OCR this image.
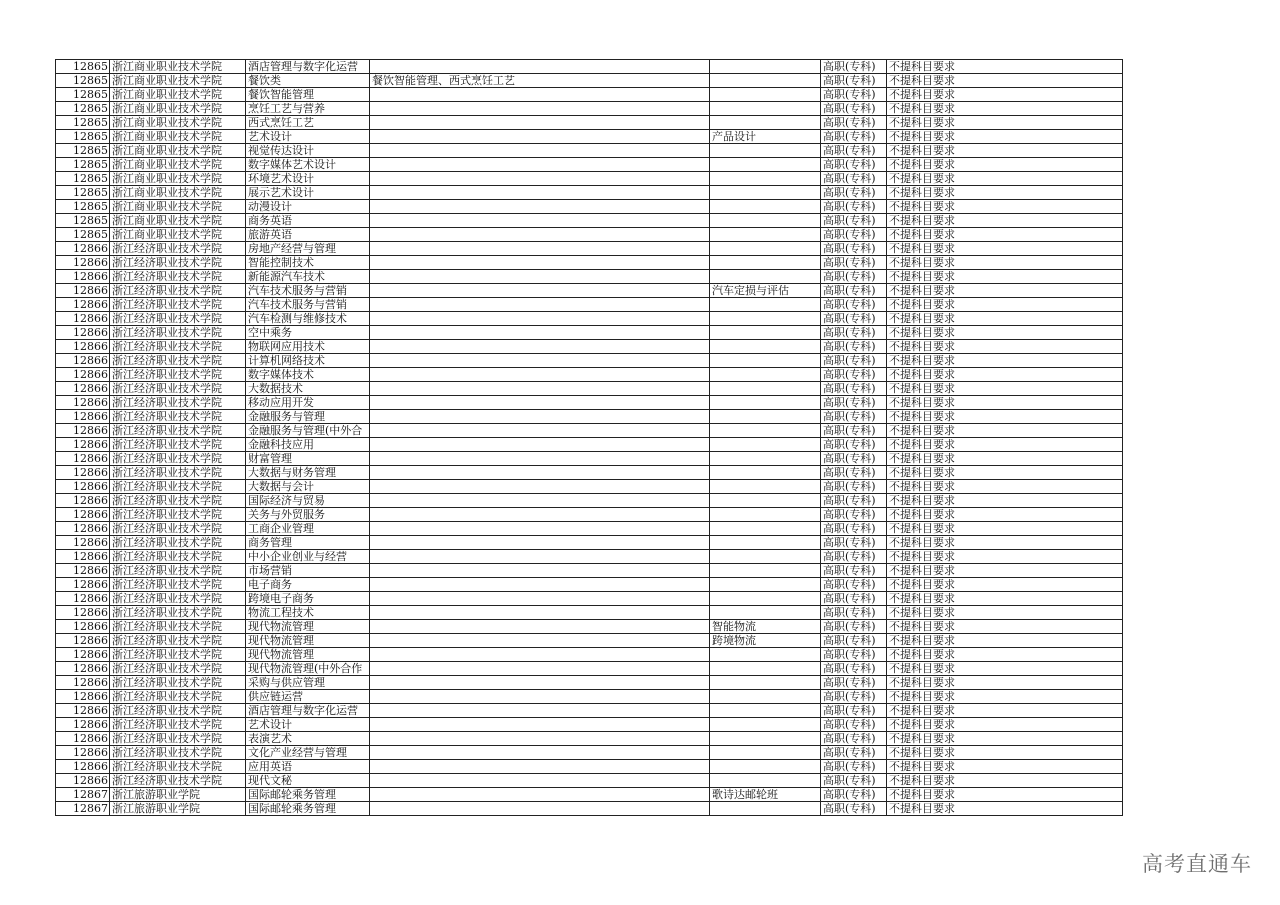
12865	浙江商业职业技术学院	酒店管理与数字化运营			高职(专科)	不提科目要求
12865	浙江商业职业技术学院	餐饮类	餐饮智能管理、西式烹饪工艺		高职(专科)	不提科目要求
12865	浙江商业职业技术学院	餐饮智能管理			高职(专科)	不提科目要求
12865	浙江商业职业技术学院	烹饪工艺与营养			高职(专科)	不提科目要求
12865	浙江商业职业技术学院	西式烹饪工艺			高职(专科)	不提科目要求
12865	浙江商业职业技术学院	艺术设计		产品设计	高职(专科)	不提科目要求
12865	浙江商业职业技术学院	视觉传达设计			高职(专科)	不提科目要求
12865	浙江商业职业技术学院	数字媒体艺术设计			高职(专科)	不提科目要求
12865	浙江商业职业技术学院	环境艺术设计			高职(专科)	不提科目要求
12865	浙江商业职业技术学院	展示艺术设计			高职(专科)	不提科目要求
12865	浙江商业职业技术学院	动漫设计			高职(专科)	不提科目要求
12865	浙江商业职业技术学院	商务英语			高职(专科)	不提科目要求
12865	浙江商业职业技术学院	旅游英语			高职(专科)	不提科目要求
12866	浙江经济职业技术学院	房地产经营与管理			高职(专科)	不提科目要求
12866	浙江经济职业技术学院	智能控制技术			高职(专科)	不提科目要求
12866	浙江经济职业技术学院	新能源汽车技术			高职(专科)	不提科目要求
12866	浙江经济职业技术学院	汽车技术服务与营销		汽车定损与评估	高职(专科)	不提科目要求
12866	浙江经济职业技术学院	汽车技术服务与营销			高职(专科)	不提科目要求
12866	浙江经济职业技术学院	汽车检测与维修技术			高职(专科)	不提科目要求
12866	浙江经济职业技术学院	空中乘务			高职(专科)	不提科目要求
12866	浙江经济职业技术学院	物联网应用技术			高职(专科)	不提科目要求
12866	浙江经济职业技术学院	计算机网络技术			高职(专科)	不提科目要求
12866	浙江经济职业技术学院	数字媒体技术			高职(专科)	不提科目要求
12866	浙江经济职业技术学院	大数据技术			高职(专科)	不提科目要求
12866	浙江经济职业技术学院	移动应用开发			高职(专科)	不提科目要求
12866	浙江经济职业技术学院	金融服务与管理			高职(专科)	不提科目要求
12866	浙江经济职业技术学院	金融服务与管理(中外合			高职(专科)	不提科目要求
12866	浙江经济职业技术学院	金融科技应用			高职(专科)	不提科目要求
12866	浙江经济职业技术学院	财富管理			高职(专科)	不提科目要求
12866	浙江经济职业技术学院	大数据与财务管理			高职(专科)	不提科目要求
12866	浙江经济职业技术学院	大数据与会计			高职(专科)	不提科目要求
12866	浙江经济职业技术学院	国际经济与贸易			高职(专科)	不提科目要求
12866	浙江经济职业技术学院	关务与外贸服务			高职(专科)	不提科目要求
12866	浙江经济职业技术学院	工商企业管理			高职(专科)	不提科目要求
12866	浙江经济职业技术学院	商务管理			高职(专科)	不提科目要求
12866	浙江经济职业技术学院	中小企业创业与经营			高职(专科)	不提科目要求
12866	浙江经济职业技术学院	市场营销			高职(专科)	不提科目要求
12866	浙江经济职业技术学院	电子商务			高职(专科)	不提科目要求
12866	浙江经济职业技术学院	跨境电子商务			高职(专科)	不提科目要求
12866	浙江经济职业技术学院	物流工程技术			高职(专科)	不提科目要求
12866	浙江经济职业技术学院	现代物流管理		智能物流	高职(专科)	不提科目要求
12866	浙江经济职业技术学院	现代物流管理		跨境物流	高职(专科)	不提科目要求
12866	浙江经济职业技术学院	现代物流管理			高职(专科)	不提科目要求
12866	浙江经济职业技术学院	现代物流管理(中外合作			高职(专科)	不提科目要求
12866	浙江经济职业技术学院	采购与供应管理			高职(专科)	不提科目要求
12866	浙江经济职业技术学院	供应链运营			高职(专科)	不提科目要求
12866	浙江经济职业技术学院	酒店管理与数字化运营			高职(专科)	不提科目要求
12866	浙江经济职业技术学院	艺术设计			高职(专科)	不提科目要求
12866	浙江经济职业技术学院	表演艺术			高职(专科)	不提科目要求
12866	浙江经济职业技术学院	文化产业经营与管理			高职(专科)	不提科目要求
12866	浙江经济职业技术学院	应用英语			高职(专科)	不提科目要求
12866	浙江经济职业技术学院	现代文秘			高职(专科)	不提科目要求
12867	浙江旅游职业学院	国际邮轮乘务管理		歌诗达邮轮班	高职(专科)	不提科目要求
12867	浙江旅游职业学院	国际邮轮乘务管理			高职(专科)	不提科目要求
高考直通车
